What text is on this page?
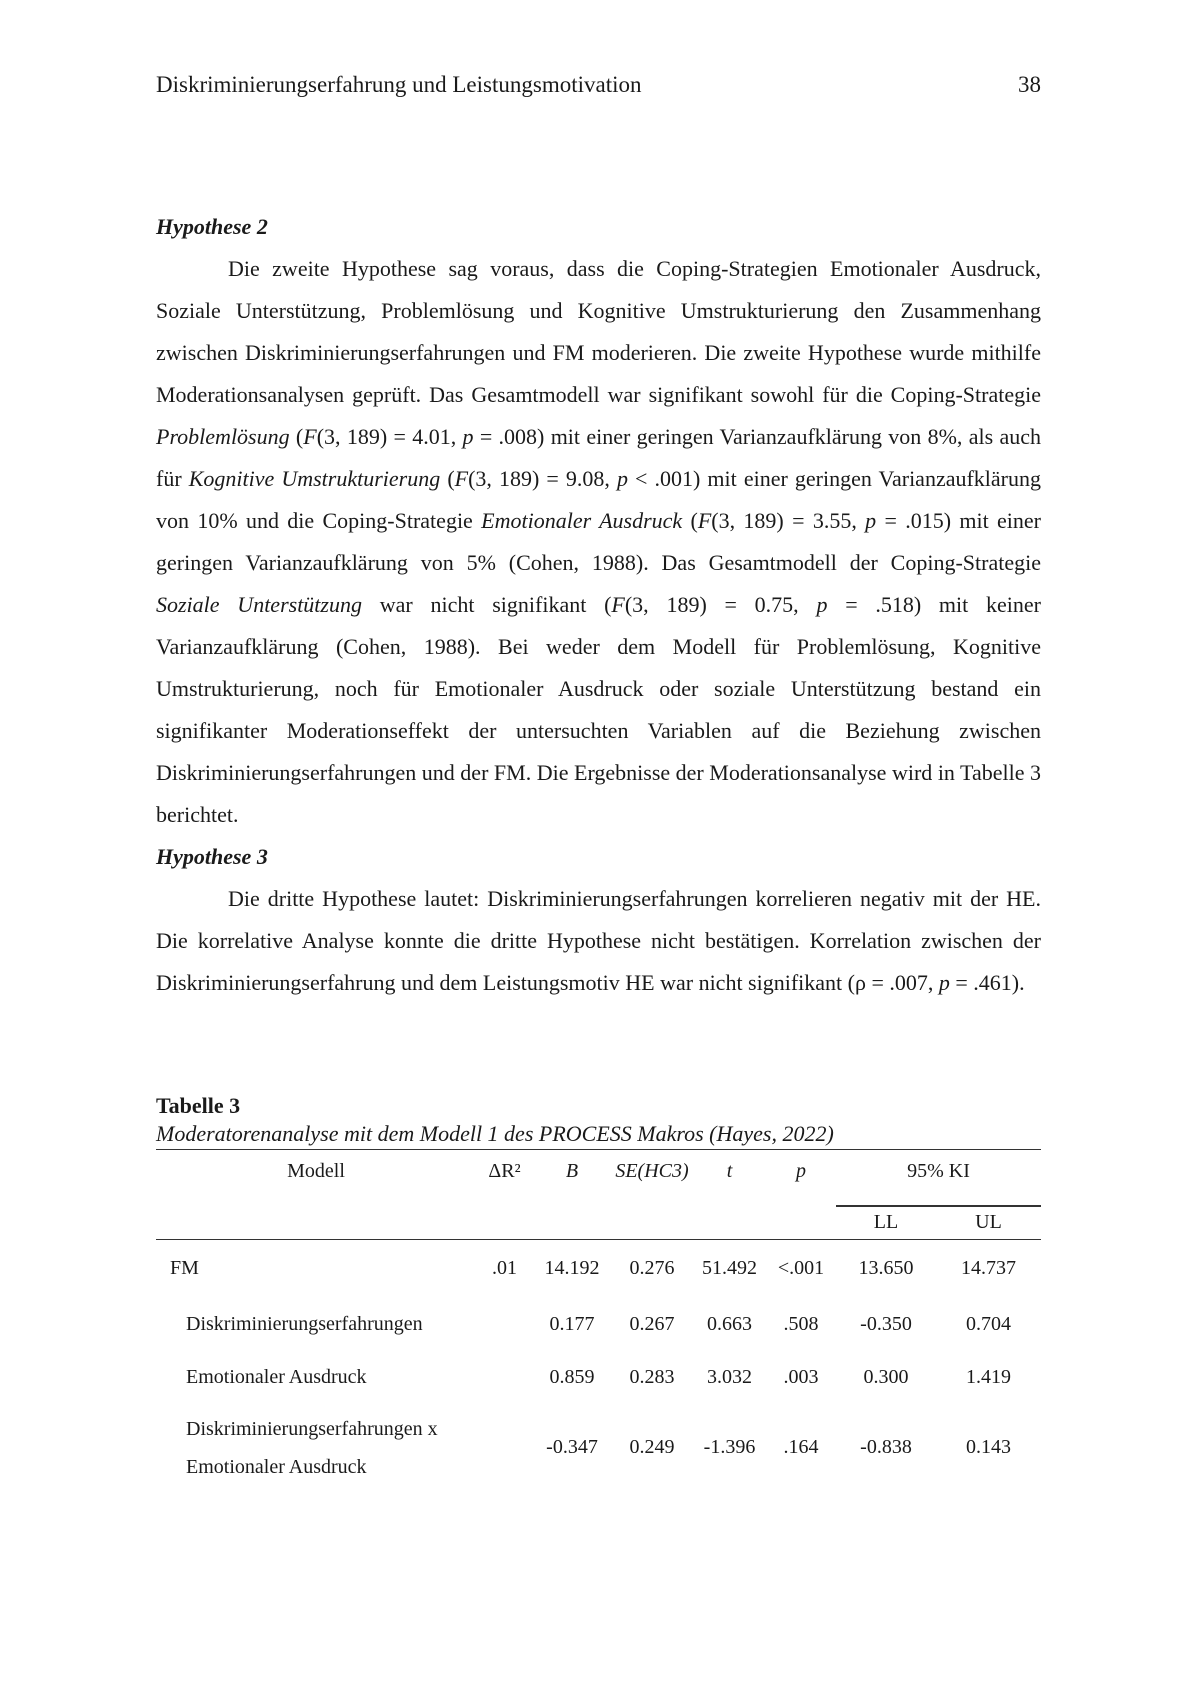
Diskriminierungserfahrung und Leistungsmotivation	38
Hypothese 2

Die zweite Hypothese sag voraus, dass die Coping-Strategien Emotionaler Ausdruck, Soziale Unterstützung, Problemlösung und Kognitive Umstrukturierung den Zusammenhang zwischen Diskriminierungserfahrungen und FM moderieren. Die zweite Hypothese wurde mithilfe Moderationsanalysen geprüft. Das Gesamtmodell war signifikant sowohl für die Coping-Strategie Problemlösung (F(3, 189) = 4.01, p = .008) mit einer geringen Varianzaufklärung von 8%, als auch für Kognitive Umstrukturierung (F(3, 189) = 9.08, p < .001) mit einer geringen Varianzaufklärung von 10% und die Coping-Strategie Emotionaler Ausdruck (F(3, 189) = 3.55, p = .015) mit einer geringen Varianzaufklärung von 5% (Cohen, 1988). Das Gesamtmodell der Coping-Strategie Soziale Unterstützung war nicht signifikant (F(3, 189) = 0.75, p = .518) mit keiner Varianzaufklärung (Cohen, 1988). Bei weder dem Modell für Problemlösung, Kognitive Umstrukturierung, noch für Emotionaler Ausdruck oder soziale Unterstützung bestand ein signifikanter Moderationseffekt der untersuchten Variablen auf die Beziehung zwischen Diskriminierungserfahrungen und der FM. Die Ergebnisse der Moderationsanalyse wird in Tabelle 3 berichtet.

Hypothese 3

Die dritte Hypothese lautet: Diskriminierungserfahrungen korrelieren negativ mit der HE. Die korrelative Analyse konnte die dritte Hypothese nicht bestätigen. Korrelation zwischen der Diskriminierungserfahrung und dem Leistungsmotiv HE war nicht signifikant (ρ = .007, p = .461).

Tabelle 3
Moderatorenanalyse mit dem Modell 1 des PROCESS Makros (Hayes, 2022)
Modell	ΔR²	B	SE(HC3)	t	p	95% KI	
						LL	UL
FM	.01	14.192	0.276	51.492	<.001	13.650	14.737
Diskriminierungserfahrungen		0.177	0.267	0.663	.508	-0.350	0.704
Emotionaler Ausdruck		0.859	0.283	3.032	.003	0.300	1.419
Diskriminierungserfahrungen x
Emotionaler Ausdruck		-0.347	0.249	-1.396	.164	-0.838	0.143
